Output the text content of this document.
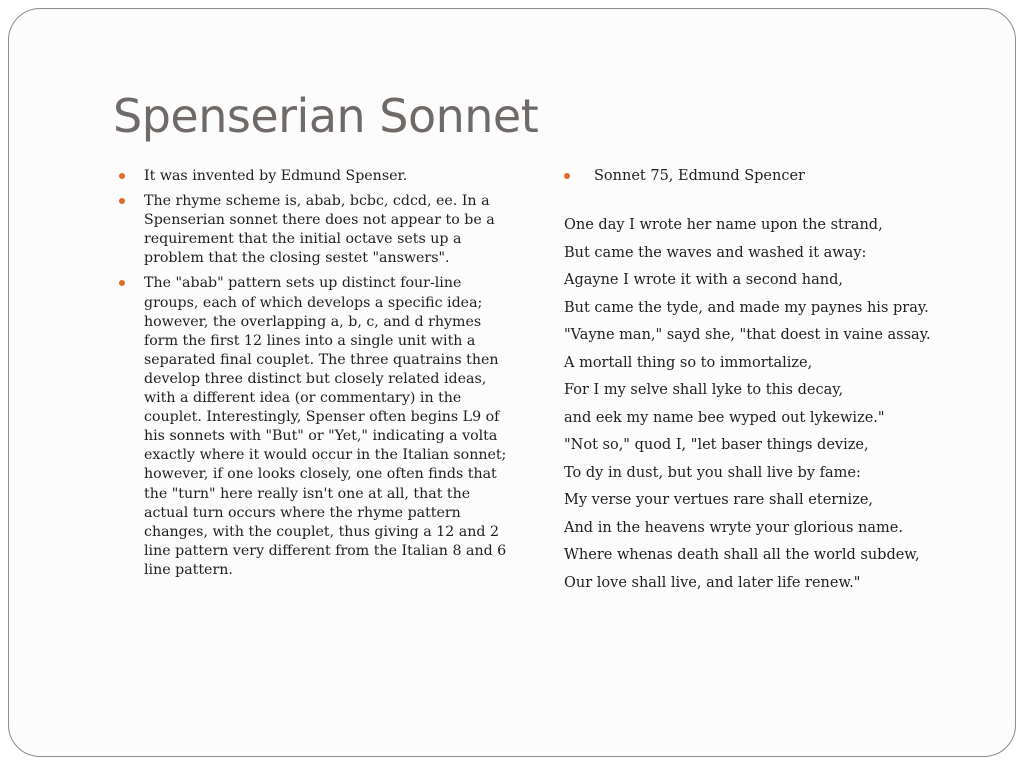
Spenserian Sonnet
It was invented by Edmund Spenser.
The rhyme scheme is, abab, bcbc, cdcd, ee. In a Spenserian sonnet there does not appear to be a requirement that the initial octave sets up a problem that the closing sestet "answers".
The "abab" pattern sets up distinct four-line groups, each of which develops a specific idea; however, the overlapping a, b, c, and d rhymes form the first 12 lines into a single unit with a separated final couplet. The three quatrains then develop three distinct but closely related ideas, with a different idea (or commentary) in the couplet. Interestingly, Spenser often begins L9 of his sonnets with "But" or "Yet," indicating a volta exactly where it would occur in the Italian sonnet; however, if one looks closely, one often finds that the "turn" here really isn't one at all, that the actual turn occurs where the rhyme pattern changes, with the couplet, thus giving a 12 and 2 line pattern very different from the Italian 8 and 6 line pattern.
Sonnet 75, Edmund Spencer
One day I wrote her name upon the strand,
But came the waves and washed it away:
Agayne I wrote it with a second hand,
But came the tyde, and made my paynes his pray.
"Vayne man," sayd she, "that doest in vaine assay.
A mortall thing so to immortalize,
For I my selve shall lyke to this decay,
and eek my name bee wyped out lykewize."
"Not so," quod I, "let baser things devize,
To dy in dust, but you shall live by fame:
My verse your vertues rare shall eternize,
And in the heavens wryte your glorious name.
Where whenas death shall all the world subdew,
Our love shall live, and later life renew."
